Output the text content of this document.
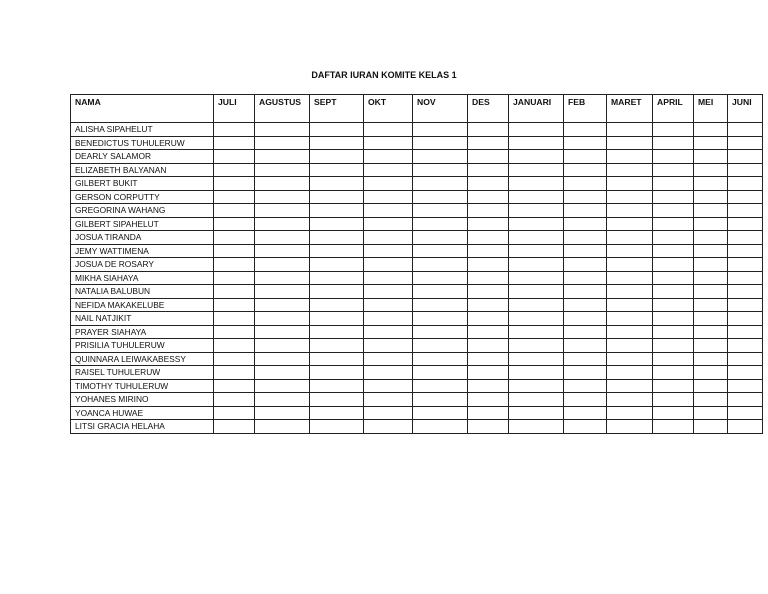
DAFTAR IURAN KOMITE KELAS 1
NAMA	JULI	AGUSTUS	SEPT	OKT	NOV	DES	JANUARI	FEB	MARET	APRIL	MEI	JUNI
ALISHA SIPAHELUT												
BENEDICTUS TUHULERUW												
DEARLY SALAMOR												
ELIZABETH BALYANAN												
GILBERT BUKIT												
GERSON CORPUTTY												
GREGORINA WAHANG												
GILBERT SIPAHELUT												
JOSUA TIRANDA												
JEMY WATTIMENA												
JOSUA DE ROSARY												
MIKHA SIAHAYA												
NATALIA BALUBUN												
NEFIDA MAKAKELUBE												
NAIL NATJIKIT												
PRAYER SIAHAYA												
PRISILIA TUHULERUW												
QUINNARA LEIWAKABESSY												
RAISEL TUHULERUW												
TIMOTHY TUHULERUW												
YOHANES MIRINO												
YOANCA HUWAE												
LITSI GRACIA HELAHA												
